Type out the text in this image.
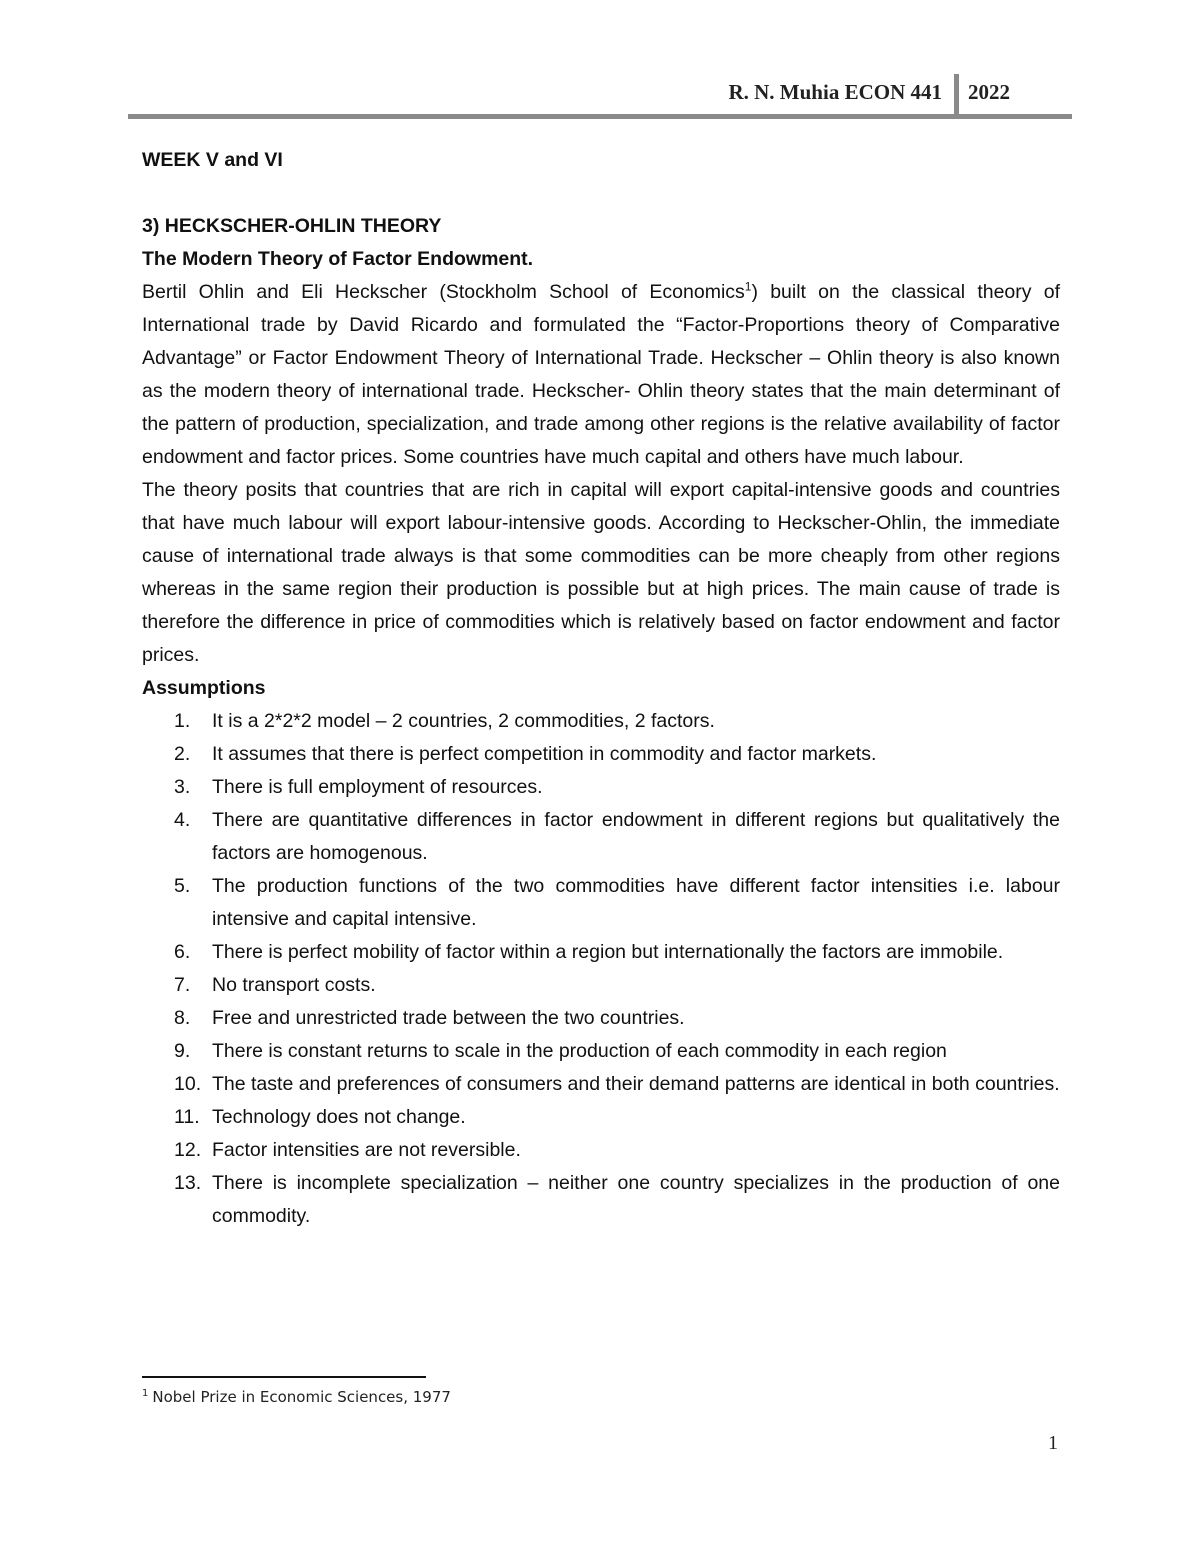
R. N. Muhia ECON 441 2022
WEEK V and VI
3) HECKSCHER-OHLIN THEORY
The Modern Theory of Factor Endowment.

Bertil Ohlin and Eli Heckscher (Stockholm School of Economics$^1$) built on the classical theory of International trade by David Ricardo and formulated the “Factor-Proportions theory of Comparative Advantage” or Factor Endowment Theory of International Trade. Heckscher – Ohlin theory is also known as the modern theory of international trade. Heckscher- Ohlin theory states that the main determinant of the pattern of production, specialization, and trade among other regions is the relative availability of factor endowment and factor prices. Some countries have much capital and others have much labour.

The theory posits that countries that are rich in capital will export capital-intensive goods and countries that have much labour will export labour-intensive goods. According to Heckscher-Ohlin, the immediate cause of international trade always is that some commodities can be more cheaply from other regions whereas in the same region their production is possible but at high prices. The main cause of trade is therefore the difference in price of commodities which is relatively based on factor endowment and factor prices.

Assumptions
1.	It is a 2*2*2 model – 2 countries, 2 commodities, 2 factors.
2.	It assumes that there is perfect competition in commodity and factor markets.
3.	There is full employment of resources.
4.	There are quantitative differences in factor endowment in different regions but qualitatively the factors are homogenous.
5.	The production functions of the two commodities have different factor intensities i.e. labour intensive and capital intensive.
6.	There is perfect mobility of factor within a region but internationally the factors are immobile.
7.	No transport costs.
8.	Free and unrestricted trade between the two countries.
9.	There is constant returns to scale in the production of each commodity in each region
10. The taste and preferences of consumers and their demand patterns are identical in both countries.
11. Technology does not change.
12. Factor intensities are not reversible.
13. There is incomplete specialization – neither one country specializes in the production of one commodity.
$^1$ Nobel Prize in Economic Sciences, 1977
1
